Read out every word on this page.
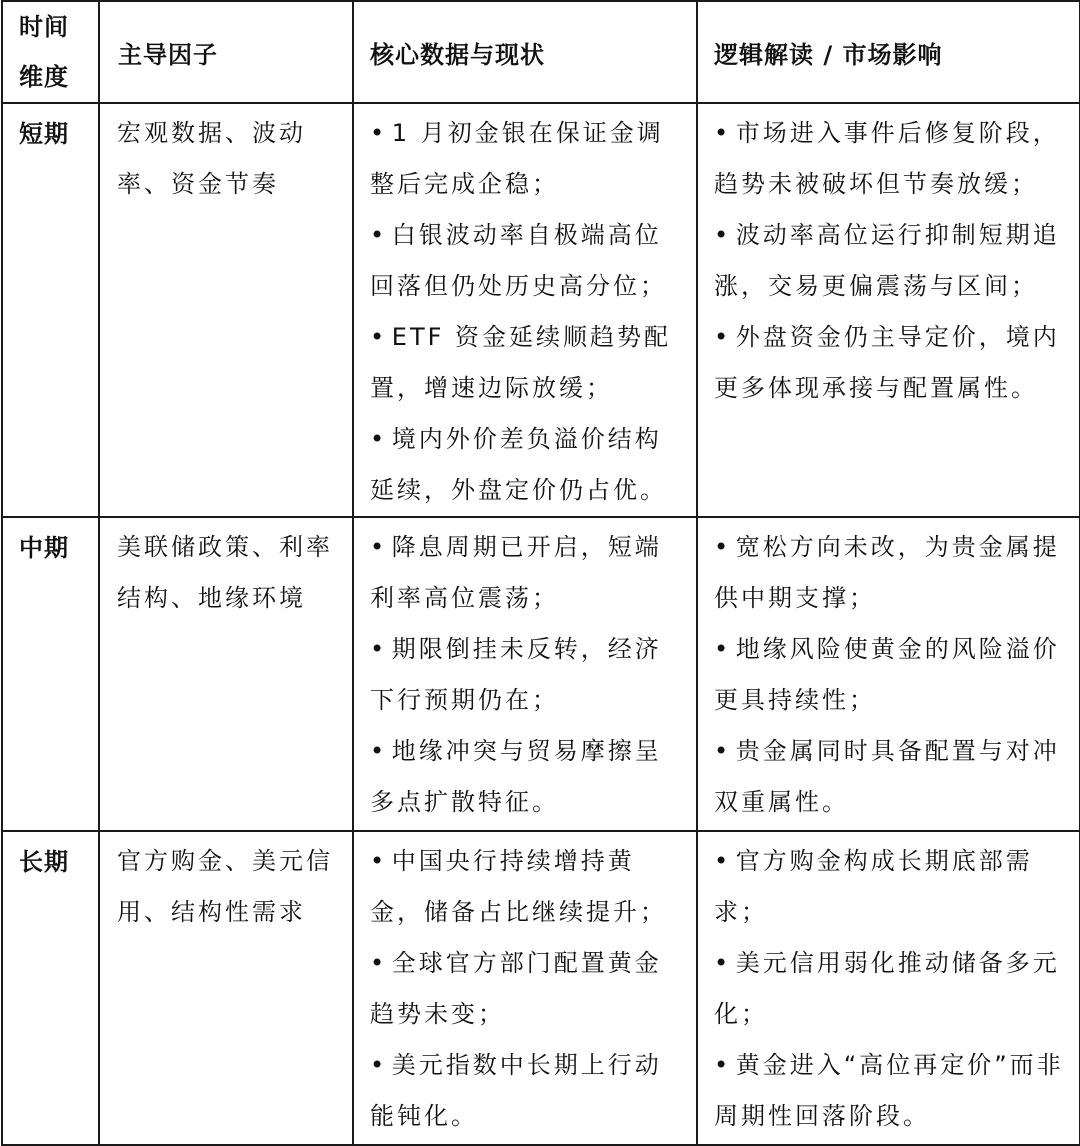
时间
维度	主导因子	核心数据与现状	逻辑解读 / 市场影响
短期	宏观数据、波动率、资金节奏	• 1 月初金银在保证金调整后完成企稳；
• 白银波动率自极端高位回落但仍处历史高分位；
• ETF 资金延续顺趋势配置，增速边际放缓；
• 境内外价差负溢价结构延续，外盘定价仍占优。	• 市场进入事件后修复阶段，趋势未被破坏但节奏放缓；
• 波动率高位运行抑制短期追涨，交易更偏震荡与区间；
• 外盘资金仍主导定价，境内更多体现承接与配置属性。

中期	美联储政策、利率结构、地缘环境	• 降息周期已开启，短端利率高位震荡；
• 期限倒挂未反转，经济下行预期仍在；
• 地缘冲突与贸易摩擦呈多点扩散特征。	• 宽松方向未改，为贵金属提供中期支撑；
• 地缘风险使黄金的风险溢价更具持续性；
• 贵金属同时具备配置与对冲双重属性。

长期	官方购金、美元信用、结构性需求	• 中国央行持续增持黄金，储备占比继续提升；
• 全球官方部门配置黄金趋势未变；
• 美元指数中长期上行动能钝化。	• 官方购金构成长期底部需求；
• 美元信用弱化推动储备多元化；
• 黄金进入“高位再定价”而非周期性回落阶段。
